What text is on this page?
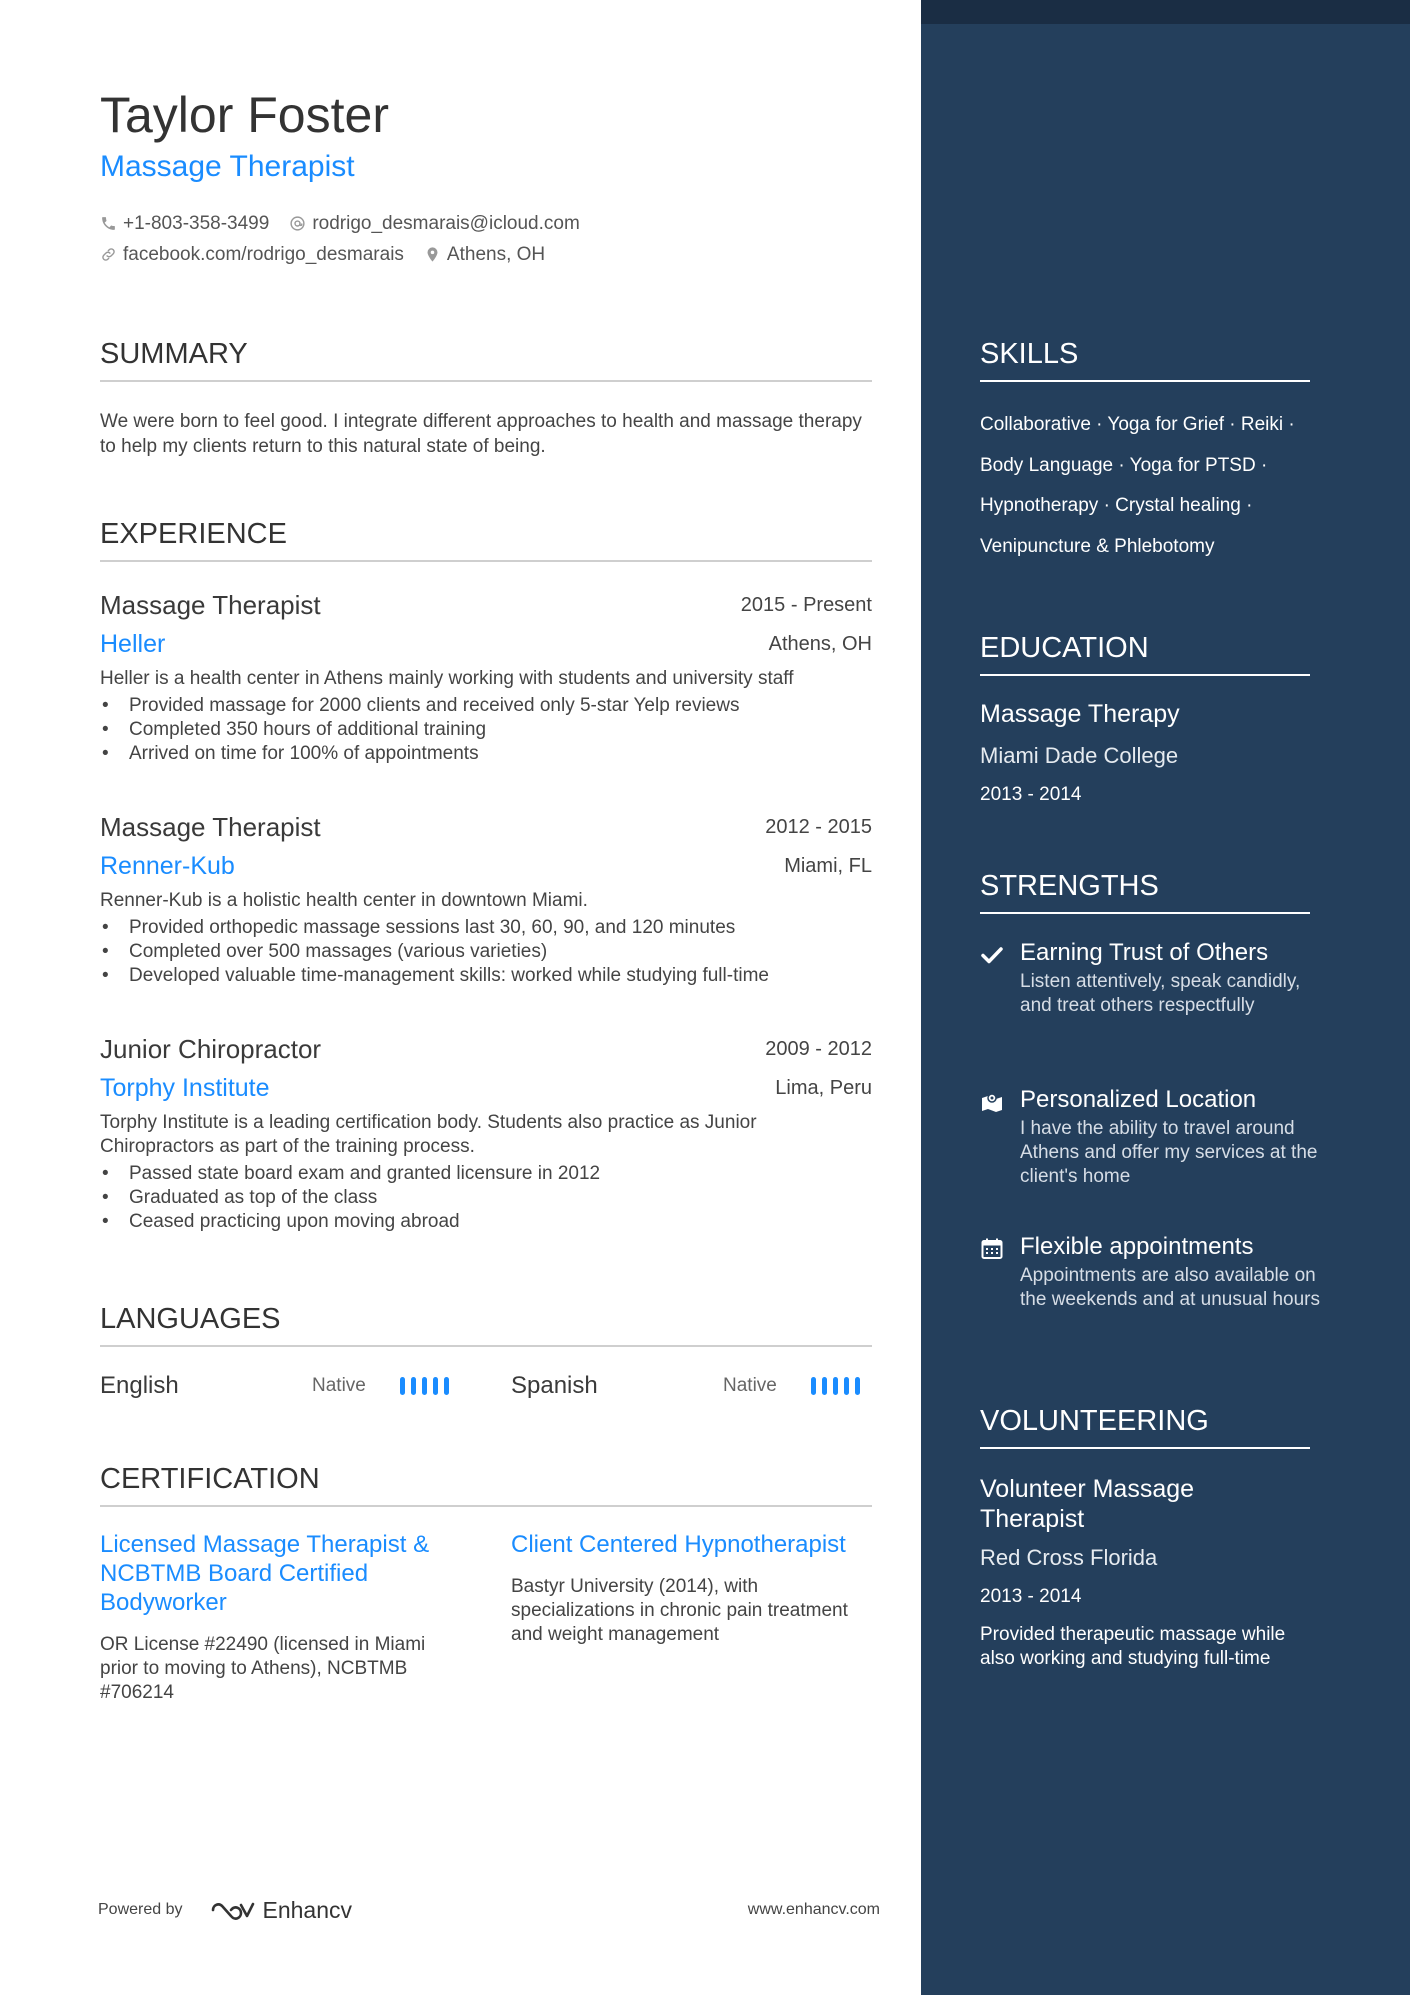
Taylor Foster
Massage Therapist
+1-803-358-3499 rodrigo_desmarais@icloud.com
facebook.com/rodrigo_desmarais Athens, OH
SUMMARY
We were born to feel good. I integrate different approaches to health and massage therapy to help my clients return to this natural state of being.
EXPERIENCE
Massage Therapist	2015 - Present
Heller	Athens, OH
Heller is a health center in Athens mainly working with students and university staff
• Provided massage for 2000 clients and received only 5-star Yelp reviews
• Completed 350 hours of additional training
• Arrived on time for 100% of appointments
Massage Therapist	2012 - 2015
Renner-Kub	Miami, FL
Renner-Kub is a holistic health center in downtown Miami.
• Provided orthopedic massage sessions last 30, 60, 90, and 120 minutes
• Completed over 500 massages (various varieties)
• Developed valuable time-management skills: worked while studying full-time
Junior Chiropractor	2009 - 2012
Torphy Institute	Lima, Peru
Torphy Institute is a leading certification body. Students also practice as Junior Chiropractors as part of the training process.
• Passed state board exam and granted licensure in 2012
• Graduated as top of the class
• Ceased practicing upon moving abroad
LANGUAGES
English	Native	Spanish	Native
CERTIFICATION
Licensed Massage Therapist & NCBTMB Board Certified Bodyworker
OR License #22490 (licensed in Miami prior to moving to Athens), NCBTMB #706214
Client Centered Hypnotherapist
Bastyr University (2014), with specializations in chronic pain treatment and weight management
Powered by	Enhancv	www.enhancv.com
SKILLS
Collaborative · Yoga for Grief · Reiki ·
Body Language · Yoga for PTSD ·
Hypnotherapy · Crystal healing ·
Venipuncture & Phlebotomy
EDUCATION
Massage Therapy
Miami Dade College
2013 - 2014
STRENGTHS
Earning Trust of Others
Listen attentively, speak candidly, and treat others respectfully
Personalized Location
I have the ability to travel around Athens and offer my services at the client's home
Flexible appointments
Appointments are also available on the weekends and at unusual hours
VOLUNTEERING
Volunteer Massage Therapist
Red Cross Florida
2013 - 2014
Provided therapeutic massage while also working and studying full-time
